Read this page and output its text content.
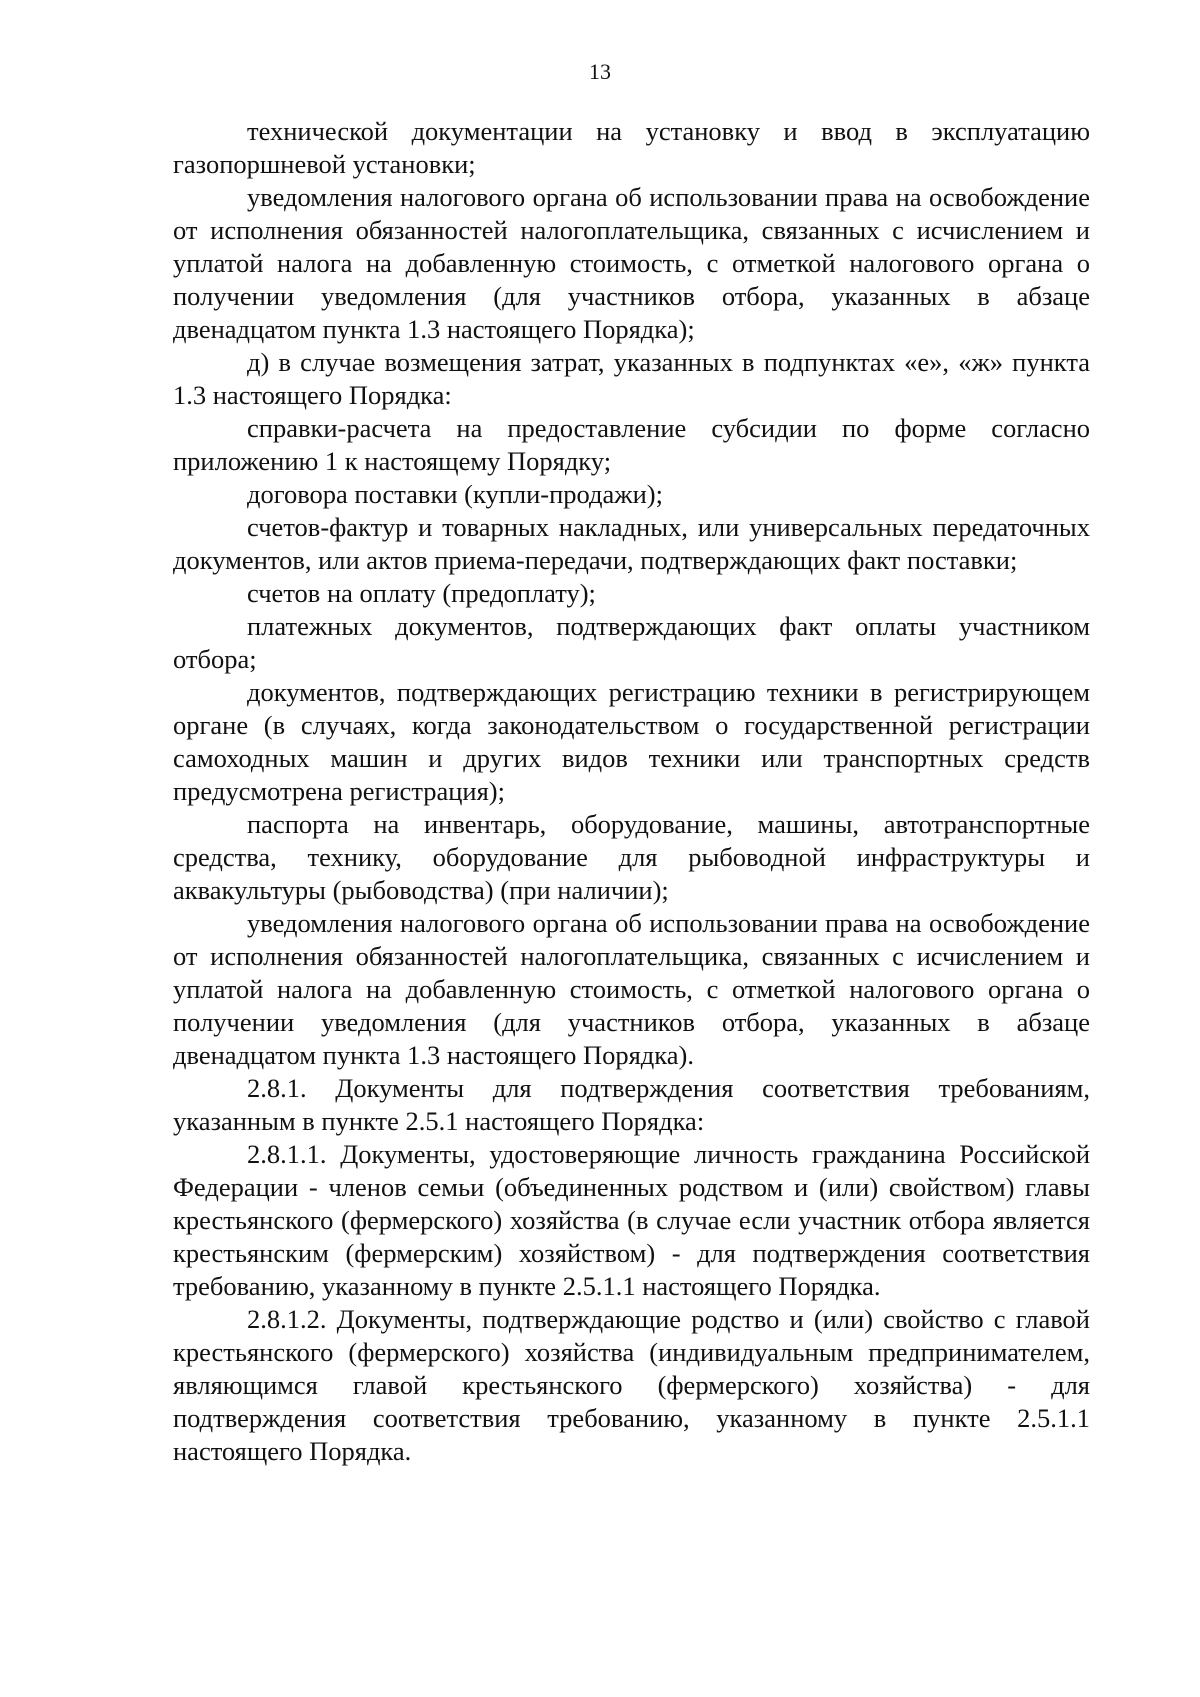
13

технической документации на установку и ввод в эксплуатацию газопоршневой установки;

уведомления налогового органа об использовании права на освобождение от исполнения обязанностей налогоплательщика, связанных с исчислением и уплатой налога на добавленную стоимость, с отметкой налогового органа о получении уведомления (для участников отбора, указанных в абзаце двенадцатом пункта 1.3 настоящего Порядка);

д) в случае возмещения затрат, указанных в подпунктах «е», «ж» пункта 1.3 настоящего Порядка:

справки-расчета на предоставление субсидии по форме согласно приложению 1 к настоящему Порядку;

договора поставки (купли-продажи);

счетов-фактур и товарных накладных, или универсальных передаточных документов, или актов приема-передачи, подтверждающих факт поставки;

счетов на оплату (предоплату);

платежных документов, подтверждающих факт оплаты участником отбора;

документов, подтверждающих регистрацию техники в регистрирующем органе (в случаях, когда законодательством о государственной регистрации самоходных машин и других видов техники или транспортных средств предусмотрена регистрация);

паспорта на инвентарь, оборудование, машины, автотранспортные средства, технику, оборудование для рыбоводной инфраструктуры и аквакультуры (рыбоводства) (при наличии);

уведомления налогового органа об использовании права на освобождение от исполнения обязанностей налогоплательщика, связанных с исчислением и уплатой налога на добавленную стоимость, с отметкой налогового органа о получении уведомления (для участников отбора, указанных в абзаце двенадцатом пункта 1.3 настоящего Порядка).

2.8.1. Документы для подтверждения соответствия требованиям, указанным в пункте 2.5.1 настоящего Порядка:

2.8.1.1. Документы, удостоверяющие личность гражданина Российской Федерации - членов семьи (объединенных родством и (или) свойством) главы крестьянского (фермерского) хозяйства (в случае если участник отбора является крестьянским (фермерским) хозяйством) - для подтверждения соответствия требованию, указанному в пункте 2.5.1.1 настоящего Порядка.

2.8.1.2. Документы, подтверждающие родство и (или) свойство с главой крестьянского (фермерского) хозяйства (индивидуальным предпринимателем, являющимся главой крестьянского (фермерского) хозяйства) - для подтверждения соответствия требованию, указанному в пункте 2.5.1.1 настоящего Порядка.
